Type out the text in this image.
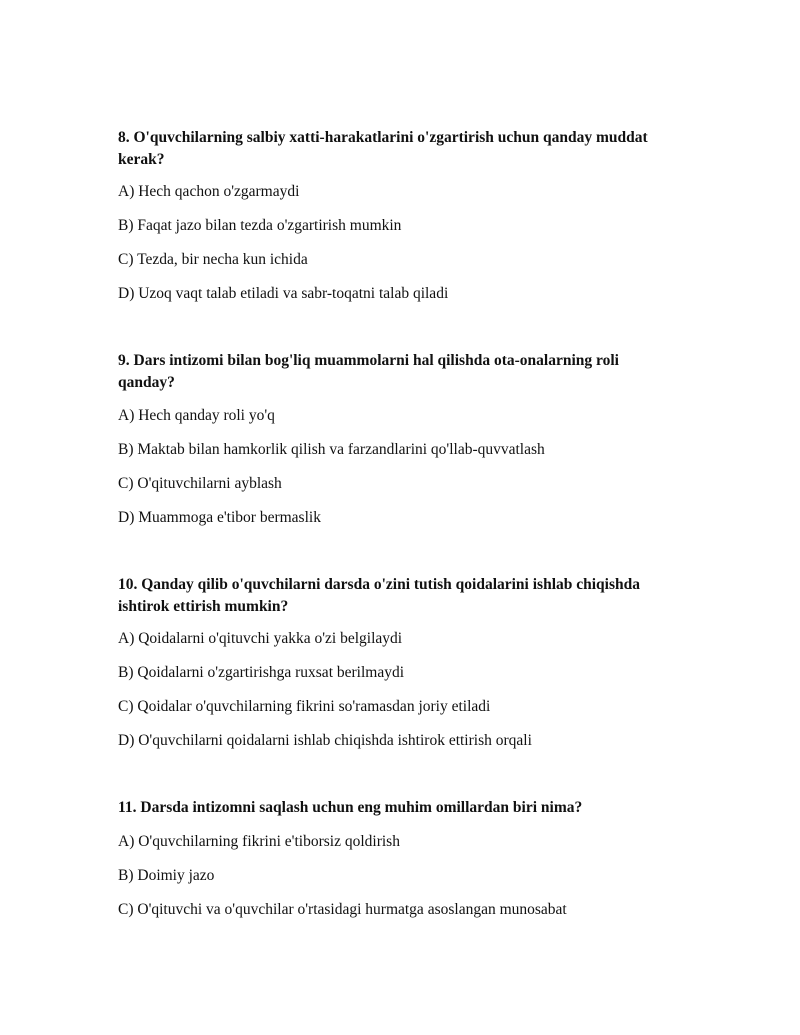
8. O'quvchilarning salbiy xatti-harakatlarini o'zgartirish uchun qanday muddat kerak?

A) Hech qachon o'zgarmaydi

B) Faqat jazo bilan tezda o'zgartirish mumkin

C) Tezda, bir necha kun ichida

D) Uzoq vaqt talab etiladi va sabr-toqatni talab qiladi

9. Dars intizomi bilan bog'liq muammolarni hal qilishda ota-onalarning roli qanday?

A) Hech qanday roli yo'q

B) Maktab bilan hamkorlik qilish va farzandlarini qo'llab-quvvatlash

C) O'qituvchilarni ayblash

D) Muammoga e'tibor bermaslik

10. Qanday qilib o'quvchilarni darsda o'zini tutish qoidalarini ishlab chiqishda ishtirok ettirish mumkin?

A) Qoidalarni o'qituvchi yakka o'zi belgilaydi

B) Qoidalarni o'zgartirishga ruxsat berilmaydi

C) Qoidalar o'quvchilarning fikrini so'ramasdan joriy etiladi

D) O'quvchilarni qoidalarni ishlab chiqishda ishtirok ettirish orqali

11. Darsda intizomni saqlash uchun eng muhim omillardan biri nima?

A) O'quvchilarning fikrini e'tiborsiz qoldirish

B) Doimiy jazo

C) O'qituvchi va o'quvchilar o'rtasidagi hurmatga asoslangan munosabat
